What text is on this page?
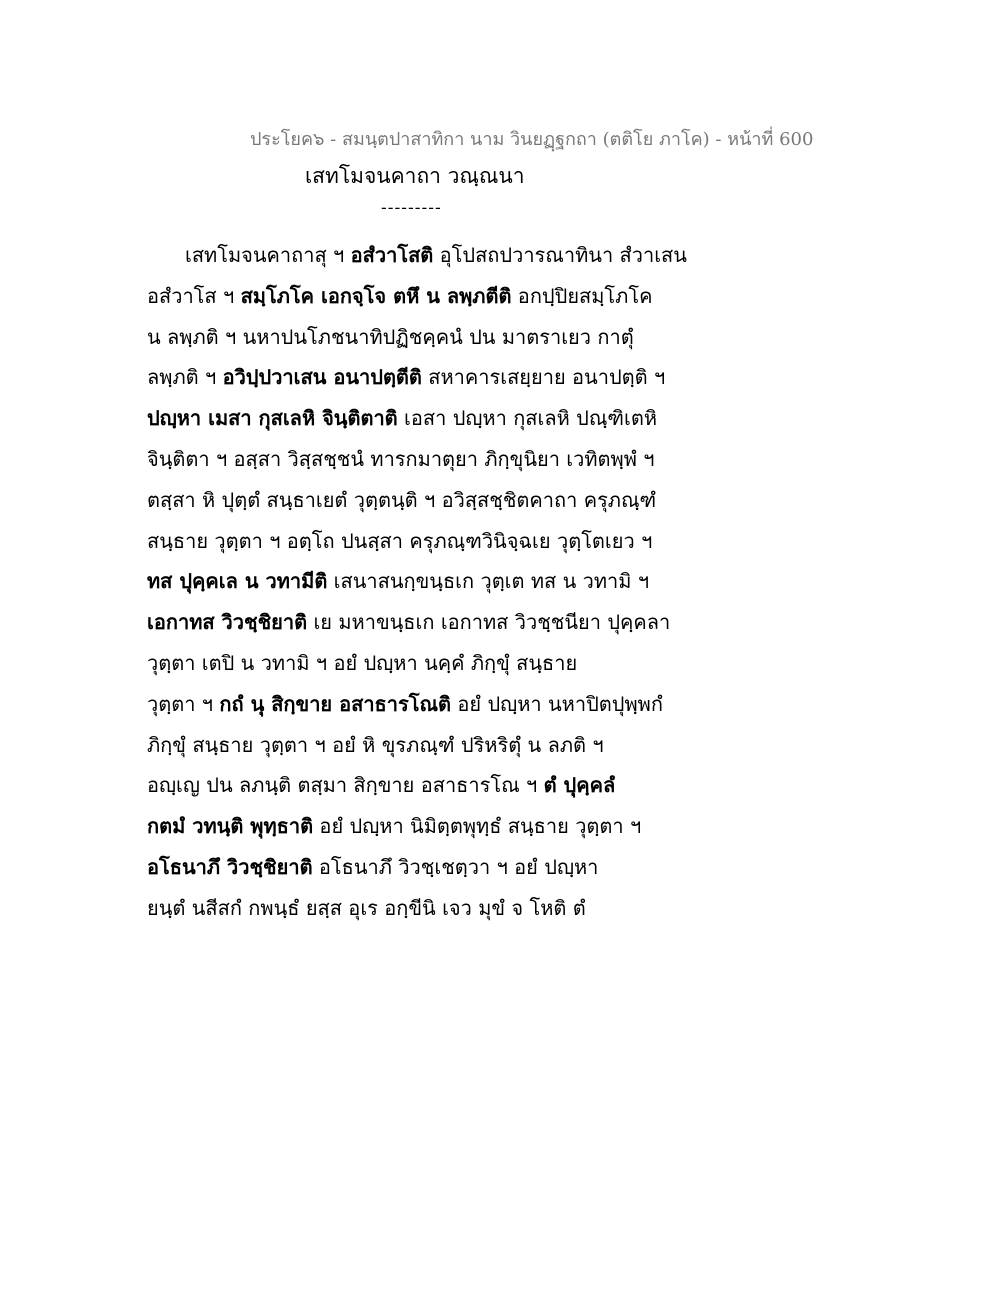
ประโยค๖ - สมนฺตปาสาทิกา นาม วินยฏฺฐกถา (ตติโย ภาโค) - หน้าที่ 600
เสทโมจนคาถา วณฺณนา
---------
เสทโมจนคาถาสุ ฯ อสํวาโสติ อุโปสถปวารณาทินา สํวาเสน
อสํวาโส ฯ สมฺโภโค เอกจฺโจ ตหึ น ลพฺภตีติ อกปฺปิยสมฺโภโค
น ลพฺภติ ฯ นหาปนโภชนาทิปฏิชคฺคนํ ปน มาตราเยว กาตุํ
ลพฺภติ ฯ อวิปฺปวาเสน อนาปตฺตีติ สหาคารเสยฺยาย อนาปตฺติ ฯ
ปญฺหา เมสา กุสเลหิ จินฺติตาติ เอสา ปญฺหา กุสเลหิ ปณฺฑิเตหิ
จินฺติตา ฯ อสฺสา วิสฺสชฺชนํ ทารกมาตุยา ภิกฺขุนิยา เวทิตพฺพํ ฯ
ตสฺสา หิ ปุตฺตํ สนฺธาเยตํ วุตฺตนฺติ ฯ อวิสฺสชฺชิตคาถา ครุภณฺฑํ
สนฺธาย วุตฺตา ฯ อตฺโถ ปนสฺสา ครุภณฺฑวินิจฺฉเย วุตฺโตเยว ฯ
ทส ปุคฺคเล น วทามีติ เสนาสนกฺขนฺธเก วุตฺเต ทส น วทามิ ฯ
เอกาทส วิวชฺชิยาติ เย มหาขนฺธเก เอกาทส วิวชฺชนียา ปุคฺคลา
วุตฺตา เตปิ น วทามิ ฯ อยํ ปญฺหา นคฺคํ ภิกฺขุํ สนฺธาย
วุตฺตา ฯ กถํ นุ สิกฺขาย อสาธารโณติ อยํ ปญฺหา นหาปิตปุพฺพกํ
ภิกฺขุํ สนฺธาย วุตฺตา ฯ อยํ หิ ขุรภณฺฑํ ปริหริตุํ น ลภติ ฯ
อญฺเญ ปน ลภนฺติ ตสฺมา สิกฺขาย อสาธารโณ ฯ ตํ ปุคฺคลํ
กตมํ วทนฺติ พุทฺธาติ อยํ ปญฺหา นิมิตฺตพุทฺธํ สนฺธาย วุตฺตา ฯ
อโธนาภึ วิวชฺชิยาติ อโธนาภึ วิวชฺเชตฺวา ฯ อยํ ปญฺหา
ยนฺตํ นสีสกํ กพนฺธํ ยสฺส อุเร อกฺขีนิ เจว มุขํ จ โหติ ตํ
